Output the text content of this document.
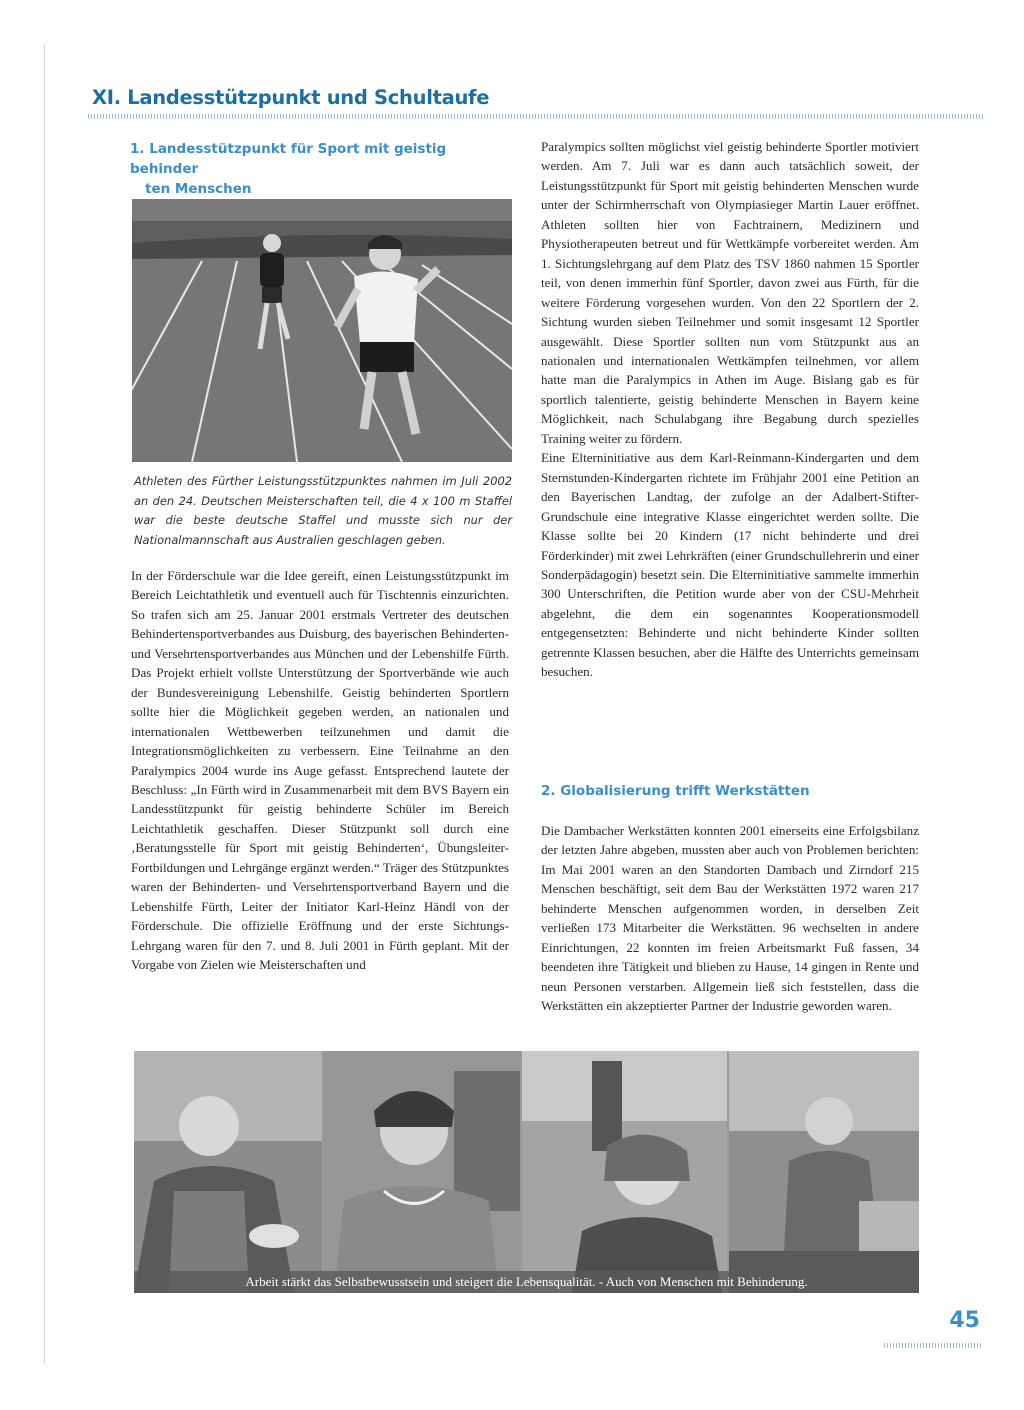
XI. Landesstützpunkt und Schultaufe
1. Landesstützpunkt für Sport mit geistig behinder
ten Menschen
Athleten des Fürther Leistungsstützpunktes nahmen im Juli 2002 an den 24. Deutschen Meisterschaften teil, die 4 x 100 m Staffel war die beste deutsche Staffel und musste sich nur der Nationalmannschaft aus Australien geschlagen geben.

In der Förderschule war die Idee gereift, einen Leistungsstützpunkt im Bereich Leichtathletik und eventuell auch für Tischtennis einzurichten. So trafen sich am 25. Januar 2001 erstmals Vertreter des deutschen Behindertensportverbandes aus Duisburg, des bayerischen Behinderten- und Versehrtensportverbandes aus München und der Lebenshilfe Fürth. Das Projekt erhielt vollste Unterstützung der Sportverbände wie auch der Bundesvereinigung Lebenshilfe. Geistig behinderten Sportlern sollte hier die Möglichkeit gegeben werden, an nationalen und internationalen Wettbewerben teilzunehmen und damit die Integrationsmöglichkeiten zu verbessern. Eine Teilnahme an den Paralympics 2004 wurde ins Auge gefasst. Entsprechend lautete der Beschluss: „In Fürth wird in Zusammenarbeit mit dem BVS Bayern ein Landesstützpunkt für geistig behinderte Schüler im Bereich Leichtathletik geschaffen. Dieser Stützpunkt soll durch eine ‚Beratungsstelle für Sport mit geistig Behinderten‘, Übungsleiter-Fortbildungen und Lehrgänge ergänzt werden.“ Träger des Stützpunktes waren der Behinderten- und Versehrtensportverband Bayern und die Lebenshilfe Fürth, Leiter der Initiator Karl-Heinz Händl von der Förderschule. Die offizielle Eröffnung und der erste Sichtungs-Lehrgang waren für den 7. und 8. Juli 2001 in Fürth geplant. Mit der Vorgabe von Zielen wie Meisterschaften und

Paralympics sollten möglichst viel geistig behinderte Sportler motiviert werden. Am 7. Juli war es dann auch tatsächlich soweit, der Leistungsstützpunkt für Sport mit geistig behinderten Menschen wurde unter der Schirmherrschaft von Olympiasieger Martin Lauer eröffnet. Athleten sollten hier von Fachtrainern, Medizinern und Physiotherapeuten betreut und für Wettkämpfe vorbereitet werden. Am 1. Sichtungslehrgang auf dem Platz des TSV 1860 nahmen 15 Sportler teil, von denen immerhin fünf Sportler, davon zwei aus Fürth, für die weitere Förderung vorgesehen wurden. Von den 22 Sportlern der 2. Sichtung wurden sieben Teilnehmer und somit insgesamt 12 Sportler ausgewählt. Diese Sportler sollten nun vom Stützpunkt aus an nationalen und internationalen Wettkämpfen teilnehmen, vor allem hatte man die Paralympics in Athen im Auge. Bislang gab es für sportlich talentierte, geistig behinderte Menschen in Bayern keine Möglichkeit, nach Schulabgang ihre Begabung durch spezielles Training weiter zu fördern.

Eine Elterninitiative aus dem Karl-Reinmann-Kindergarten und dem Sternstunden-Kindergarten richtete im Frühjahr 2001 eine Petition an den Bayerischen Landtag, der zufolge an der Adalbert-Stifter-Grundschule eine integrative Klasse eingerichtet werden sollte. Die Klasse sollte bei 20 Kindern (17 nicht behinderte und drei Förderkinder) mit zwei Lehrkräften (einer Grundschullehrerin und einer Sonderpädagogin) besetzt sein. Die Elterninitiative sammelte immerhin 300 Unterschriften, die Petition wurde aber von der CSU-Mehrheit abgelehnt, die dem ein sogenanntes Kooperationsmodell entgegensetzten: Behinderte und nicht behinderte Kinder sollten getrennte Klassen besuchen, aber die Hälfte des Unterrichts gemeinsam besuchen.

2. Globalisierung trifft Werkstätten

Die Dambacher Werkstätten konnten 2001 einerseits eine Erfolgsbilanz der letzten Jahre abgeben, mussten aber auch von Problemen berichten: Im Mai 2001 waren an den Standorten Dambach und Zirndorf 215 Menschen beschäftigt, seit dem Bau der Werkstätten 1972 waren 217 behinderte Menschen aufgenommen worden, in derselben Zeit verließen 173 Mitarbeiter die Werkstätten. 96 wechselten in andere Einrichtungen, 22 konnten im freien Arbeitsmarkt Fuß fassen, 34 beendeten ihre Tätigkeit und blieben zu Hause, 14 gingen in Rente und neun Personen verstarben. Allgemein ließ sich feststellen, dass die Werkstätten ein akzeptierter Partner der Industrie geworden waren.

Arbeit stärkt das Selbstbewusstsein und steigert die Lebensqualität. - Auch von Menschen mit Behinderung.
45
